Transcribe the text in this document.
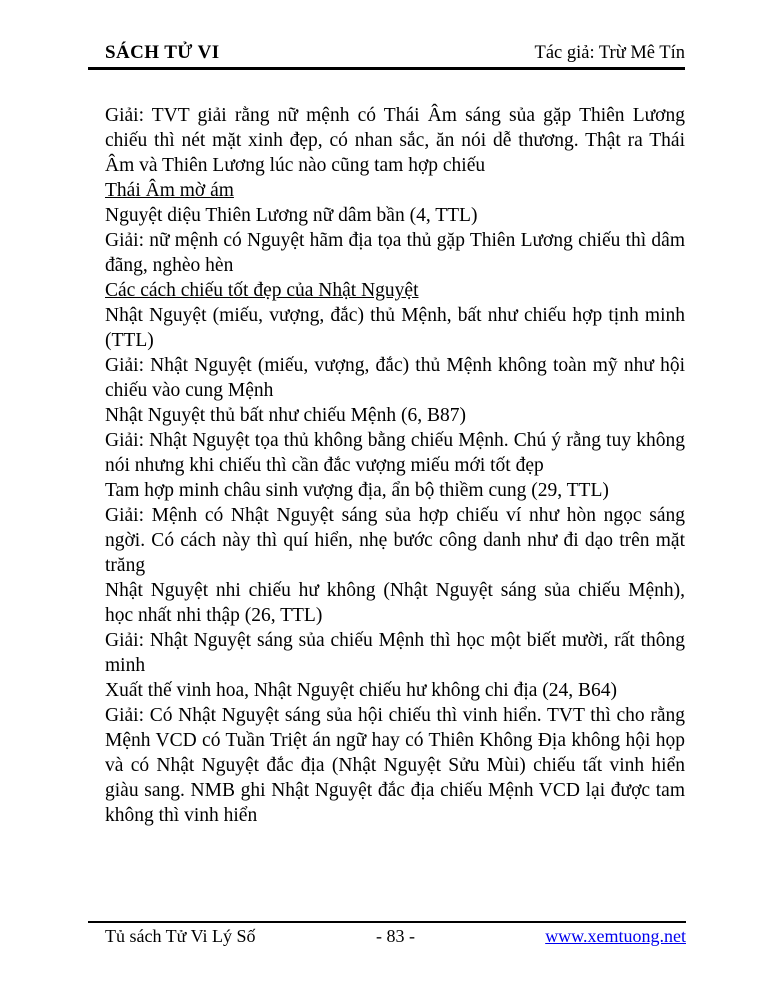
SÁCH TỬ VI	Tác giả: Trừ Mê Tín

Giải: TVT giải rằng nữ mệnh có Thái Âm sáng sủa gặp Thiên Lương chiếu thì nét mặt xinh đẹp, có nhan sắc, ăn nói dễ thương. Thật ra Thái Âm và Thiên Lương lúc nào cũng tam hợp chiếu

Thái Âm mờ ám

Nguyệt diệu Thiên Lương nữ dâm bần (4, TTL)

Giải: nữ mệnh có Nguyệt hãm địa tọa thủ gặp Thiên Lương chiếu thì dâm đãng, nghèo hèn

Các cách chiếu tốt đẹp của Nhật Nguyệt

Nhật Nguyệt (miếu, vượng, đắc) thủ Mệnh, bất như chiếu hợp tịnh minh (TTL)

Giải: Nhật Nguyệt (miếu, vượng, đắc) thủ Mệnh không toàn mỹ như hội chiếu vào cung Mệnh

Nhật Nguyệt thủ bất như chiếu Mệnh (6, B87)

Giải: Nhật Nguyệt tọa thủ không bằng chiếu Mệnh. Chú ý rằng tuy không nói nhưng khi chiếu thì cần đắc vượng miếu mới tốt đẹp

Tam hợp minh châu sinh vượng địa, ẩn bộ thiềm cung (29, TTL)

Giải: Mệnh có Nhật Nguyệt sáng sủa hợp chiếu ví như hòn ngọc sáng ngời. Có cách này thì quí hiển, nhẹ bước công danh như đi dạo trên mặt trăng

Nhật Nguyệt nhi chiếu hư không (Nhật Nguyệt sáng sủa chiếu Mệnh), học nhất nhi thập (26, TTL)

Giải: Nhật Nguyệt sáng sủa chiếu Mệnh thì học một biết mười, rất thông minh

Xuất thế vinh hoa, Nhật Nguyệt chiếu hư không chi địa (24, B64)

Giải: Có Nhật Nguyệt sáng sủa hội chiếu thì vinh hiển. TVT thì cho rằng Mệnh VCD có Tuần Triệt án ngữ hay có Thiên Không Địa không hội họp và có Nhật Nguyệt đắc địa (Nhật Nguyệt Sửu Mùi) chiếu tất vinh hiển giàu sang. NMB ghi Nhật Nguyệt đắc địa chiếu Mệnh VCD lại được tam không thì vinh hiển

Tủ sách Tử Vi Lý Số	- 83 -	www.xemtuong.net
